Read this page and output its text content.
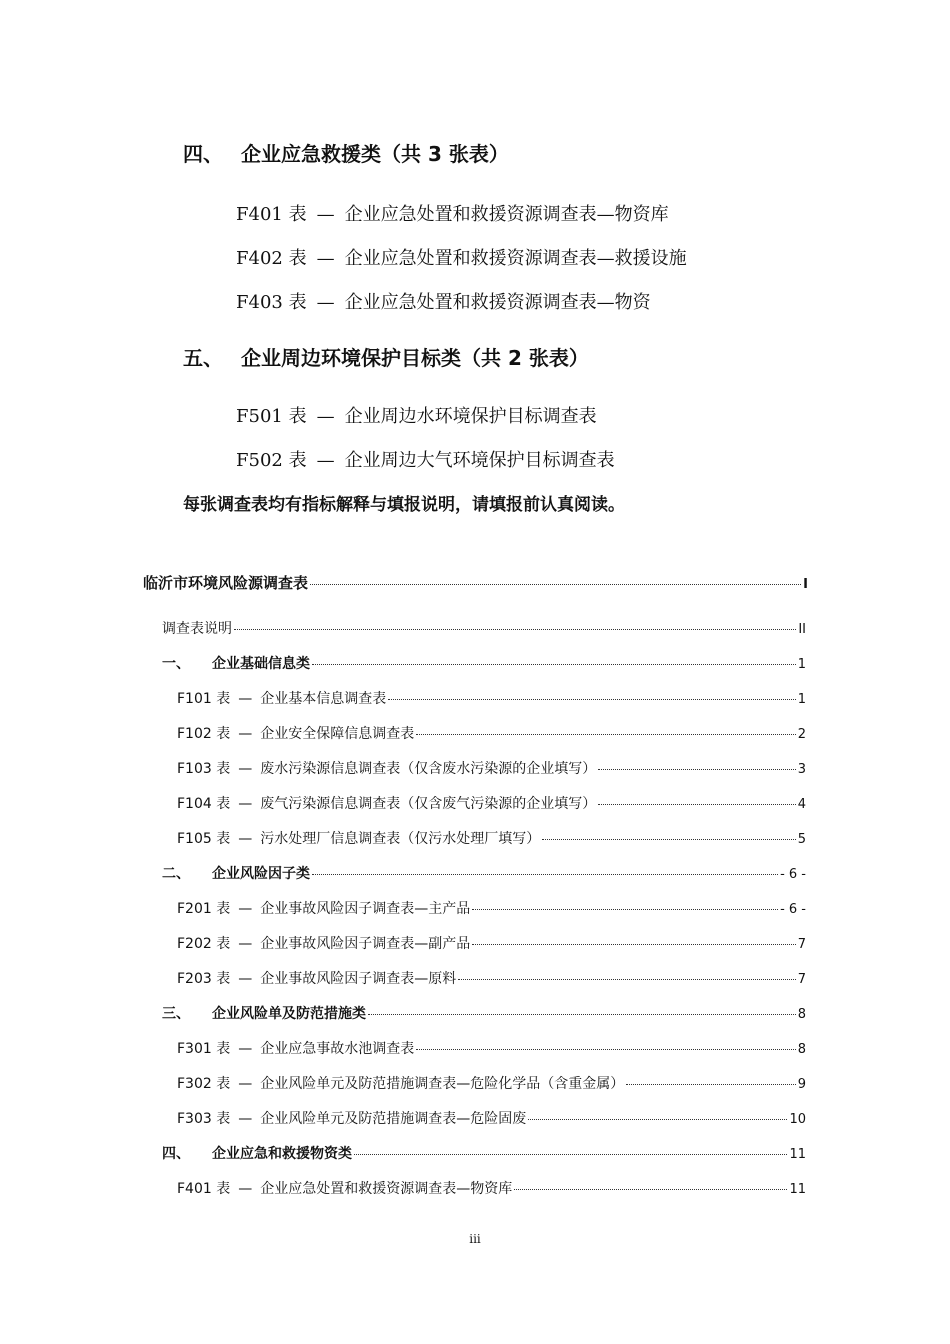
四、 企业应急救援类（共 3 张表）
F401 表 — 企业应急处置和救援资源调查表—物资库
F402 表 — 企业应急处置和救援资源调查表—救援设施
F403 表 — 企业应急处置和救援资源调查表—物资
五、 企业周边环境保护目标类（共 2 张表）
F501 表 — 企业周边水环境保护目标调查表
F502 表 — 企业周边大气环境保护目标调查表
每张调查表均有指标解释与填报说明，请填报前认真阅读。
临沂市环境风险源调查表	I
调查表说明	II
一、	企业基础信息类	1
F101 表 — 企业基本信息调查表	1
F102 表 — 企业安全保障信息调查表	2
F103 表 — 废水污染源信息调查表（仅含废水污染源的企业填写）	3
F104 表 — 废气污染源信息调查表（仅含废气污染源的企业填写）	4
F105 表 — 污水处理厂信息调查表（仅污水处理厂填写）	5
二、	企业风险因子类	- 6 -
F201 表 — 企业事故风险因子调查表—主产品	- 6 -
F202 表 — 企业事故风险因子调查表—副产品	7
F203 表 — 企业事故风险因子调查表—原料	7
三、	企业风险单及防范措施类	8
F301 表 — 企业应急事故水池调查表	8
F302 表 — 企业风险单元及防范措施调查表—危险化学品（含重金属）	9
F303 表 — 企业风险单元及防范措施调查表—危险固废	10
四、	企业应急和救援物资类	11
F401 表 — 企业应急处置和救援资源调查表—物资库	11
iii
